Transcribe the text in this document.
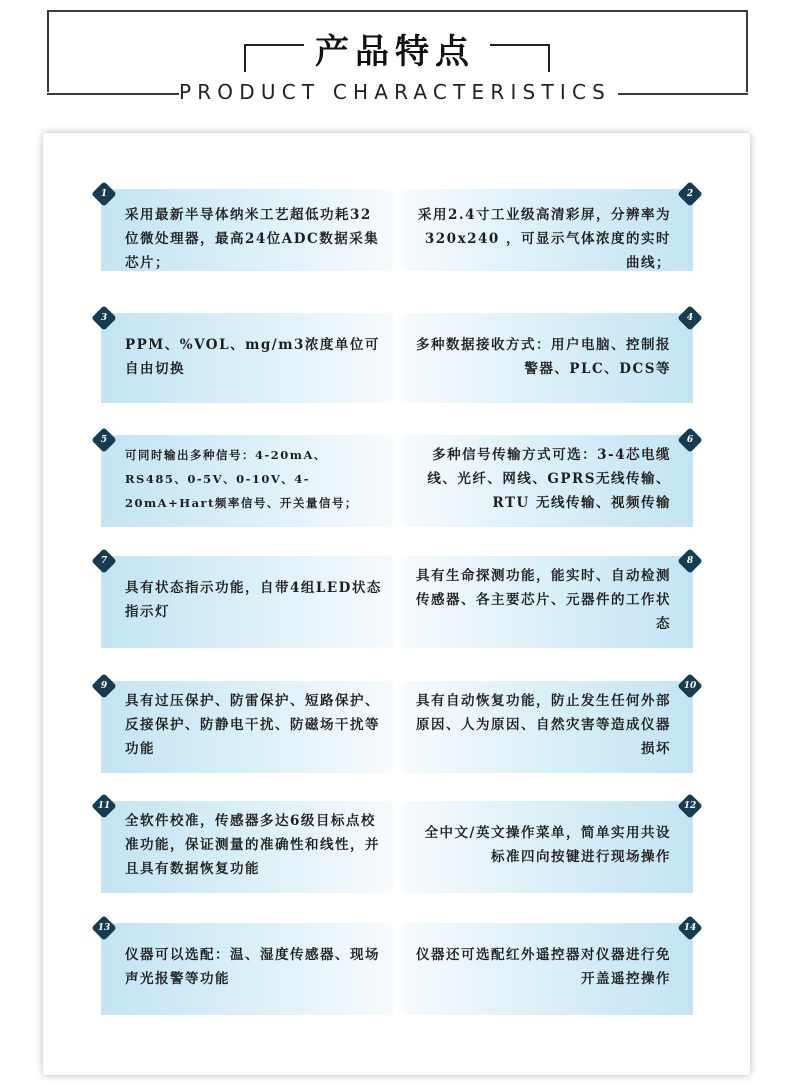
产品特点
PRODUCT CHARACTERISTICS
1
采用最新半导体纳米工艺超低功耗32位微处理器，最高24位ADC数据采集芯片；
2
采用2.4寸工业级高清彩屏，分辨率为320x240 ，可显示气体浓度的实时曲线；
3
PPM、%VOL、mg/m3浓度单位可自由切换
4
多种数据接收方式：用户电脑、控制报警器、PLC、DCS等
5
可同时输出多种信号：4-20mA、RS485、0-5V、0-10V、4-20mA+Hart频率信号、开关量信号；
6
多种信号传输方式可选：3-4芯电缆线、光纤、网线、GPRS无线传输、RTU 无线传输、视频传输
7
具有状态指示功能，自带4组LED状态指示灯
8
具有生命探测功能，能实时、自动检测传感器、各主要芯片、元器件的工作状态
9
具有过压保护、防雷保护、短路保护、反接保护、防静电干扰、防磁场干扰等功能
10
具有自动恢复功能，防止发生任何外部原因、人为原因、自然灾害等造成仪器损坏
11
全软件校准，传感器多达6级目标点校准功能，保证测量的准确性和线性，并且具有数据恢复功能
12
全中文/英文操作菜单，简单实用共设标准四向按键进行现场操作
13
仪器可以选配：温、湿度传感器、现场声光报警等功能
14
仪器还可选配红外遥控器对仪器进行免开盖遥控操作
